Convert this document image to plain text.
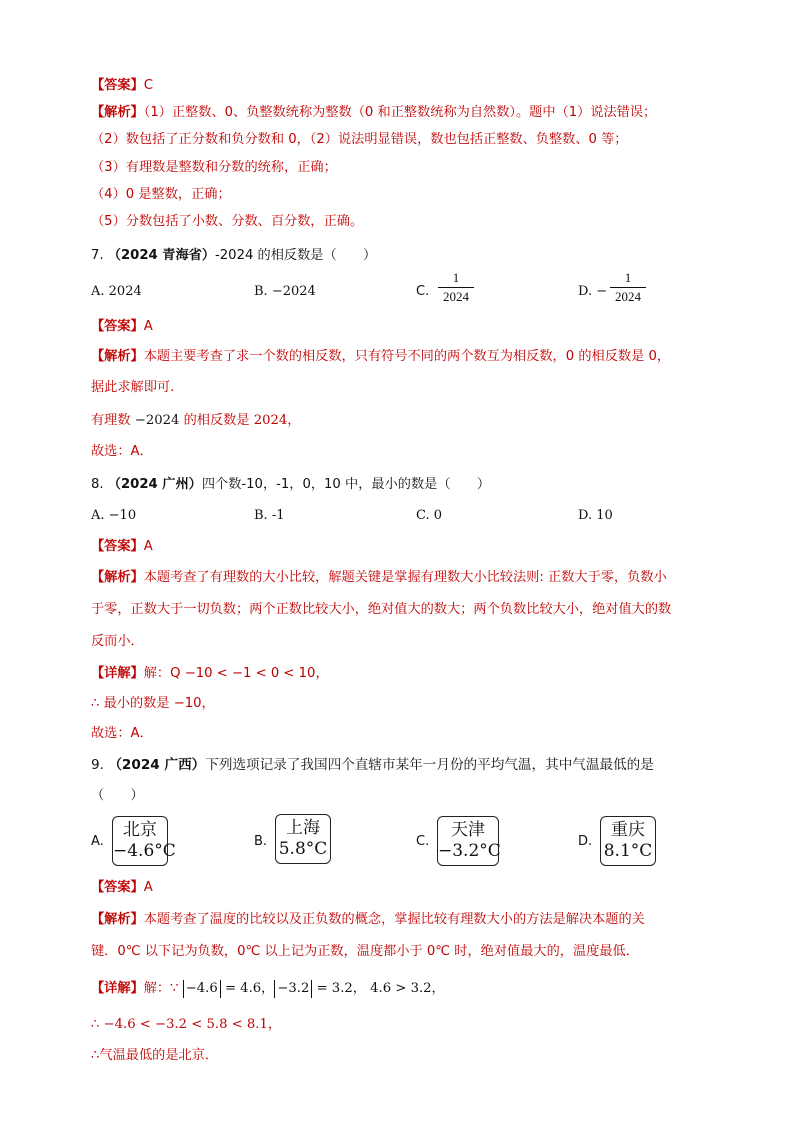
【答案】C
【解析】（1）正整数、0、负整数统称为整数（0 和正整数统称为自然数）。题中（1）说法错误；
（2）数包括了正分数和负分数和 0，（2）说法明显错误，数也包括正整数、负整数、0 等；
（3）有理数是整数和分数的统称，正确；
（4）0 是整数，正确；
（5）分数包括了小数、分数、百分数，正确。
7. （2024 青海省）-2024 的相反数是（　　）
A. 2024	B. −2024	C.
1
2024	D. −
1
2024
【答案】A
【解析】本题主要考查了求一个数的相反数，只有符号不同的两个数互为相反数，0 的相反数是 0，
据此求解即可.
有理数 −2024 的相反数是 2024，
故选：A．
8. （2024 广州）四个数-10，-1，0，10 中，最小的数是（　　）
A. −10	B. -1	C. 0	D. 10
【答案】A
【解析】本题考查了有理数的大小比较，解题关键是掌握有理数大小比较法则: 正数大于零，负数小
于零，正数大于一切负数；两个正数比较大小，绝对值大的数大；两个负数比较大小，绝对值大的数
反而小．
【详解】解：Q −10 < −1 < 0 < 10，
∴ 最小的数是 −10，
故选：A．
9. （2024 广西）下列选项记录了我国四个直辖市某年一月份的平均气温，其中气温最低的是
（　　）
A.
北京
−4.6°C	B.
上海
5.8°C	C.
天津
−3.2°C	D.
重庆
8.1°C
【答案】A
【解析】本题考查了温度的比较以及正负数的概念，掌握比较有理数大小的方法是解决本题的关
键．0℃ 以下记为负数，0℃ 以上记为正数，温度都小于 0℃ 时，绝对值最大的，温度最低．
【详解】解：∵ −4.6 = 4.6， −3.2 = 3.2， 4.6 > 3.2，
∴ −4.6 < −3.2 < 5.8 < 8.1，
∴气温最低的是北京．
